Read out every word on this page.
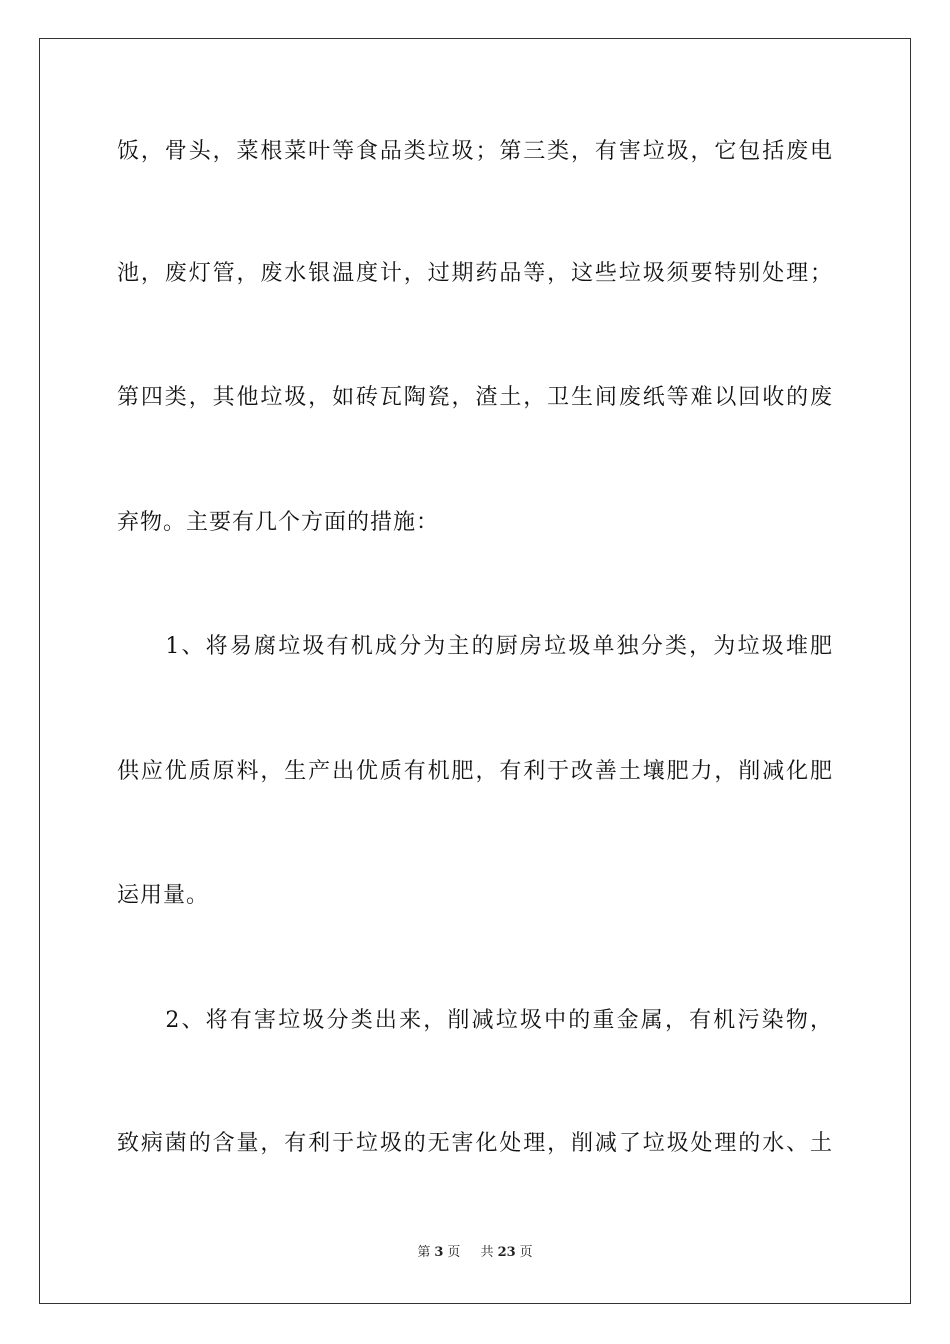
饭，骨头，菜根菜叶等食品类垃圾；第三类，有害垃圾，它包括废电
池，废灯管，废水银温度计，过期药品等，这些垃圾须要特别处理；
第四类，其他垃圾，如砖瓦陶瓷，渣土，卫生间废纸等难以回收的废
弃物。主要有几个方面的措施：
　　1、将易腐垃圾有机成分为主的厨房垃圾单独分类，为垃圾堆肥
供应优质原料，生产出优质有机肥，有利于改善土壤肥力，削减化肥
运用量。
　　2、将有害垃圾分类出来，削减垃圾中的重金属，有机污染物，
致病菌的含量，有利于垃圾的无害化处理，削减了垃圾处理的水、土
第 3 页 共 23 页
